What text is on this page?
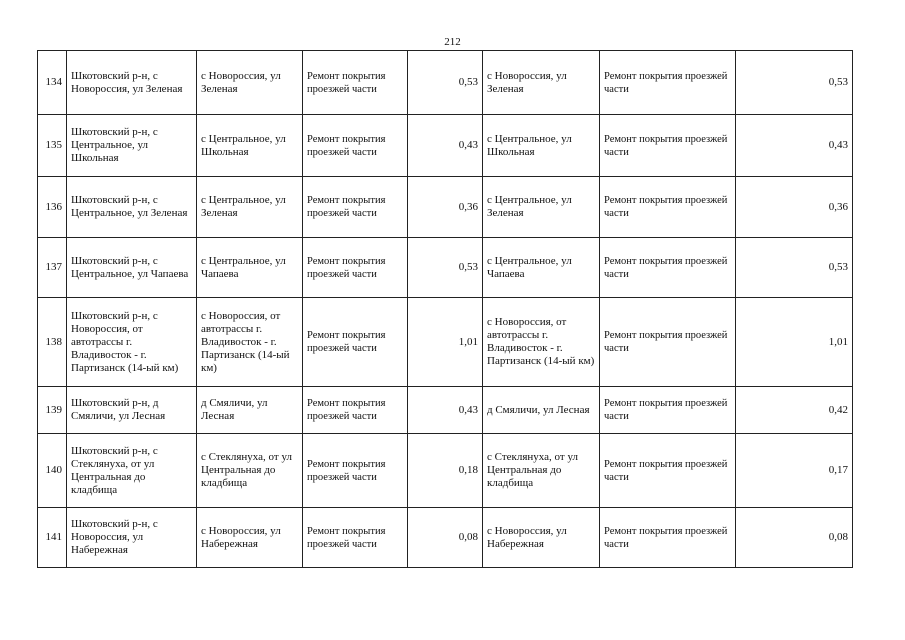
212
134	Шкотовский р-н, с Новороссия, ул Зеленая	с Новороссия, ул Зеленая	Ремонт покрытия проезжей части	0,53	с Новороссия, ул Зеленая	Ремонт покрытия проезжей части	0,53
135	Шкотовский р-н, с Центральное, ул Школьная	с Центральное, ул Школьная	Ремонт покрытия проезжей части	0,43	с Центральное, ул Школьная	Ремонт покрытия проезжей части	0,43
136	Шкотовский р-н, с Центральное, ул Зеленая	с Центральное, ул Зеленая	Ремонт покрытия проезжей части	0,36	с Центральное, ул Зеленая	Ремонт покрытия проезжей части	0,36
137	Шкотовский р-н, с Центральное, ул Чапаева	с Центральное, ул Чапаева	Ремонт покрытия проезжей части	0,53	с Центральное, ул Чапаева	Ремонт покрытия проезжей части	0,53
138	Шкотовский р-н, с Новороссия, от автотрассы г. Владивосток - г. Партизанск (14-ый км)	с Новороссия, от автотрассы г. Владивосток - г. Партизанск (14-ый км)	Ремонт покрытия проезжей части	1,01	с Новороссия, от автотрассы г. Владивосток - г. Партизанск (14-ый км)	Ремонт покрытия проезжей части	1,01
139	Шкотовский р-н, д Смяличи, ул Лесная	д Смяличи, ул Лесная	Ремонт покрытия проезжей части	0,43	д Смяличи, ул Лесная	Ремонт покрытия проезжей части	0,42
140	Шкотовский р-н, с Стеклянуха, от ул Центральная до кладбища	с Стеклянуха, от ул Центральная до кладбища	Ремонт покрытия проезжей части	0,18	с Стеклянуха, от ул Центральная до кладбища	Ремонт покрытия проезжей части	0,17
141	Шкотовский р-н, с Новороссия, ул Набережная	с Новороссия, ул Набережная	Ремонт покрытия проезжей части	0,08	с Новороссия, ул Набережная	Ремонт покрытия проезжей части	0,08
